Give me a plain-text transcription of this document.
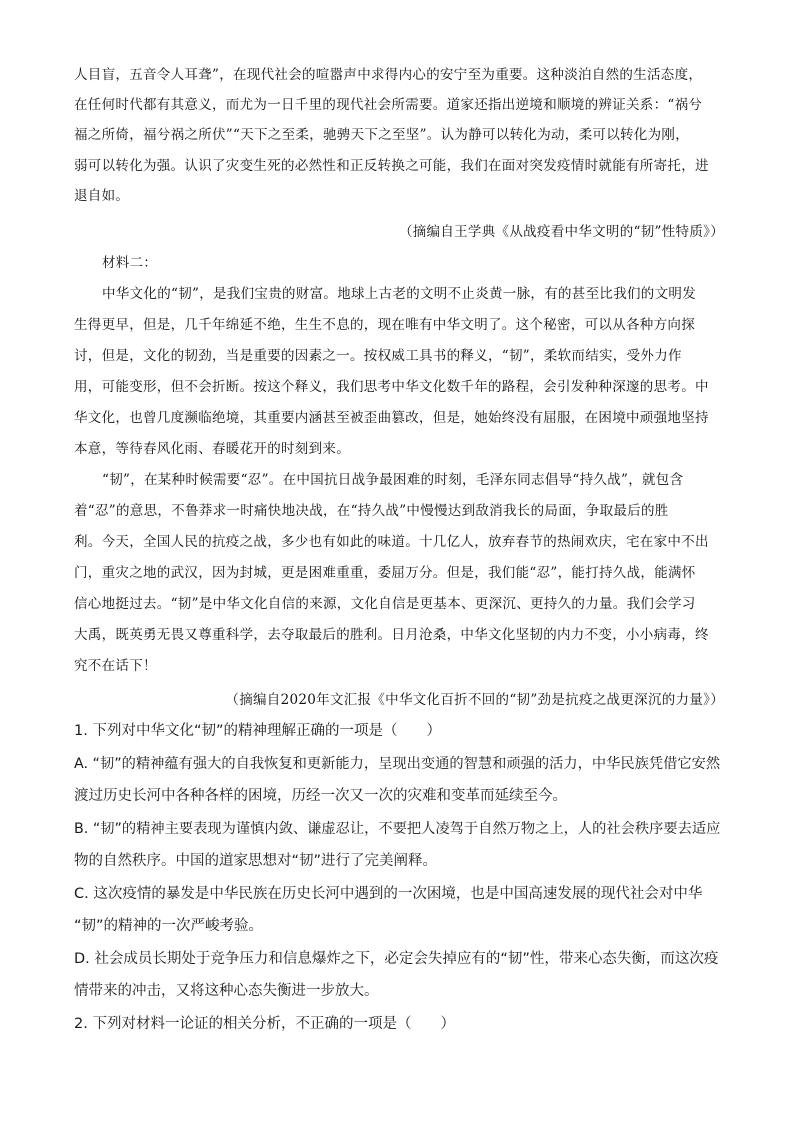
人目盲，五音令人耳聋”，在现代社会的喧嚣声中求得内心的安宁至为重要。这种淡泊自然的生活态度，
在任何时代都有其意义，而尤为一日千里的现代社会所需要。道家还指出逆境和顺境的辨证关系：“祸兮
福之所倚，福兮祸之所伏”“天下之至柔，驰骋天下之至坚”。认为静可以转化为动，柔可以转化为刚，
弱可以转化为强。认识了灾变生死的必然性和正反转换之可能，我们在面对突发疫情时就能有所寄托，进
退自如。
（摘编自王学典《从战疫看中华文明的“韧”性特质》）
材料二：
中华文化的“韧”，是我们宝贵的财富。地球上古老的文明不止炎黄一脉，有的甚至比我们的文明发
生得更早，但是，几千年绵延不绝，生生不息的，现在唯有中华文明了。这个秘密，可以从各种方向探
讨，但是，文化的韧劲，当是重要的因素之一。按权威工具书的释义，“韧”，柔软而结实，受外力作
用，可能变形，但不会折断。按这个释义，我们思考中华文化数千年的路程，会引发种种深邃的思考。中
华文化，也曾几度濒临绝境，其重要内涵甚至被歪曲篡改，但是，她始终没有屈服，在困境中顽强地坚持
本意，等待春风化雨、春暖花开的时刻到来。
“韧”，在某种时候需要“忍”。在中国抗日战争最困难的时刻，毛泽东同志倡导“持久战”，就包含
着“忍”的意思，不鲁莽求一时痛快地决战，在“持久战”中慢慢达到敌消我长的局面，争取最后的胜
利。今天，全国人民的抗疫之战，多少也有如此的味道。十几亿人，放弃春节的热闹欢庆，宅在家中不出
门，重灾之地的武汉，因为封城，更是困难重重，委屈万分。但是，我们能“忍”，能打持久战，能满怀
信心地挺过去。“韧”是中华文化自信的来源，文化自信是更基本、更深沉、更持久的力量。我们会学习
大禹，既英勇无畏又尊重科学，去夺取最后的胜利。日月沧桑，中华文化坚韧的内力不变，小小病毒，终
究不在话下！
（摘编自2020年文汇报《中华文化百折不回的“韧”劲是抗疫之战更深沉的力量》）
1. 下列对中华文化“韧”的精神理解正确的一项是（　　）
A. “韧”的精神蕴有强大的自我恢复和更新能力，呈现出变通的智慧和顽强的活力，中华民族凭借它安然
渡过历史长河中各种各样的困境，历经一次又一次的灾难和变革而延续至今。
B. “韧”的精神主要表现为谨慎内敛、谦虚忍让，不要把人凌驾于自然万物之上，人的社会秩序要去适应
物的自然秩序。中国的道家思想对“韧”进行了完美阐释。
C. 这次疫情的暴发是中华民族在历史长河中遇到的一次困境，也是中国高速发展的现代社会对中华
“韧”的精神的一次严峻考验。
D. 社会成员长期处于竞争压力和信息爆炸之下，必定会失掉应有的“韧”性，带来心态失衡，而这次疫
情带来的冲击，又将这种心态失衡进一步放大。
2. 下列对材料一论证的相关分析，不正确的一项是（　　）
